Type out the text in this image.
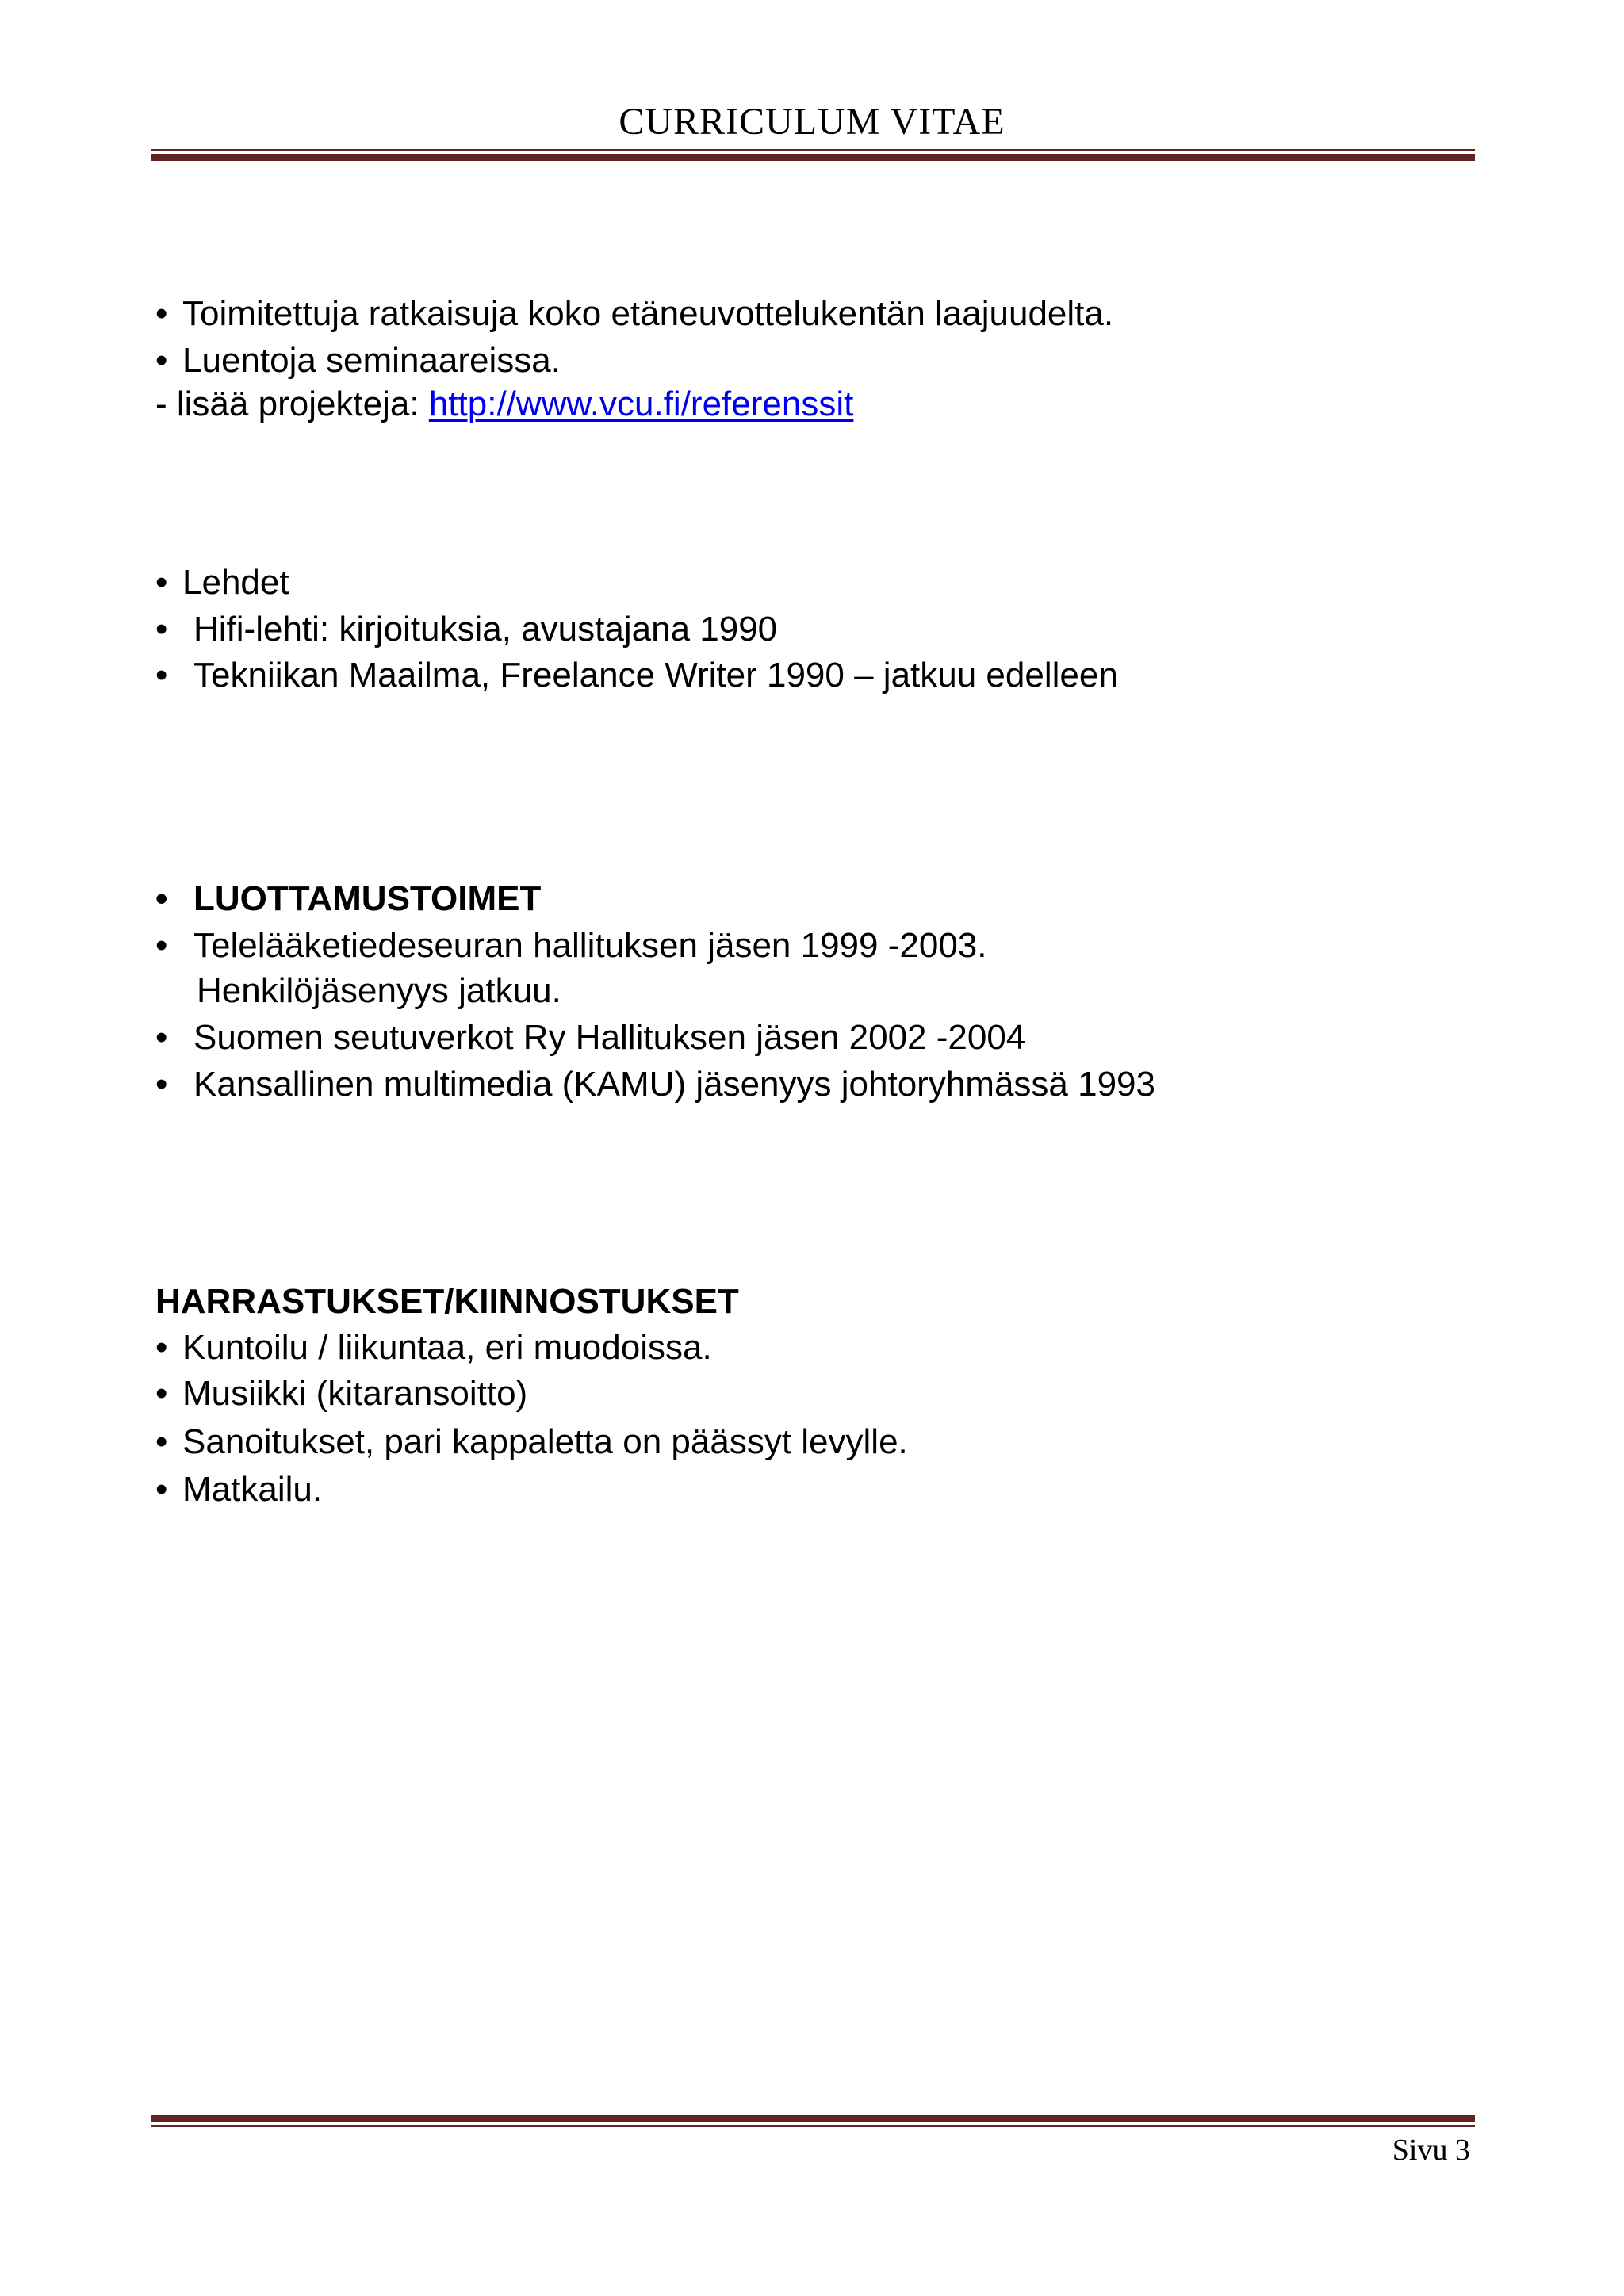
CURRICULUM VITAE
• Toimitettuja ratkaisuja koko etäneuvottelukentän laajuudelta.
• Luentoja seminaareissa.
- lisää projekteja: http://www.vcu.fi/referenssit
• Lehdet
• Hifi-lehti: kirjoituksia, avustajana 1990
• Tekniikan Maailma, Freelance Writer 1990 – jatkuu edelleen
• LUOTTAMUSTOIMET
• Telelääketiedeseuran hallituksen jäsen 1999 -2003.
Henkilöjäsenyys jatkuu.
• Suomen seutuverkot Ry Hallituksen jäsen 2002 -2004
• Kansallinen multimedia (KAMU) jäsenyys johtoryhmässä 1993
HARRASTUKSET/KIINNOSTUKSET
• Kuntoilu / liikuntaa, eri muodoissa.
• Musiikki (kitaransoitto)
• Sanoitukset, pari kappaletta on päässyt levylle.
• Matkailu.
Sivu 3
